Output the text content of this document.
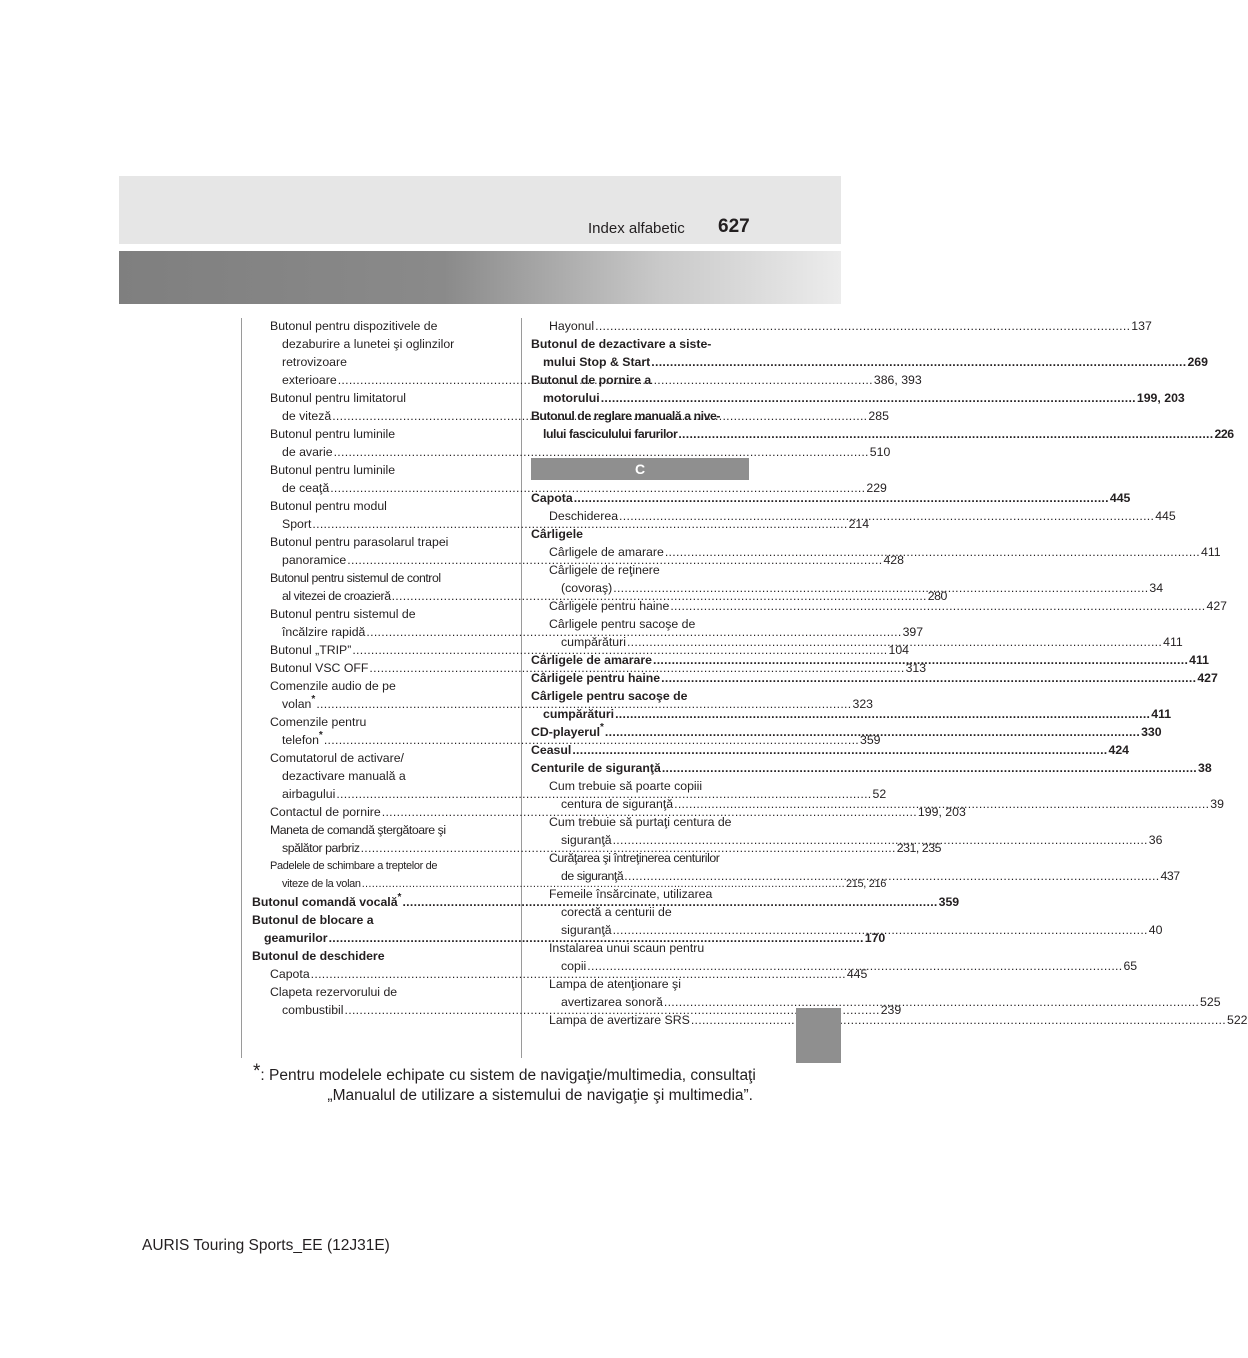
Index alfabetic 627
Butonul pentru dispozitivele de
dezaburire a lunetei şi oglinzilor
retrovizoare
exterioare .....	386, 393
Butonul pentru limitatorul
de viteză .....	285
Butonul pentru luminile
de avarie .....	510
Butonul pentru luminile
de ceaţă .....	229
Butonul pentru modul
Sport .....	214
Butonul pentru parasolarul trapei
panoramice .....	428
Butonul pentru sistemul de control
al vitezei de croazieră .....	280
Butonul pentru sistemul de
încălzire rapidă .....	397
Butonul „TRIP” .....	104
Butonul VSC OFF .....	313
Comenzile audio de pe
volan* .....	323
Comenzile pentru
telefon* .....	359
Comutatorul de activare/
dezactivare manuală a
airbagului .....	52
Contactul de pornire .....	199, 203
Maneta de comandă ştergătoare şi
spălător parbriz .....	231, 235
Padelele de schimbare a treptelor de
viteze de la volan .....	215, 216
Butonul comandă vocală* .....	359
Butonul de blocare a
geamurilor .....	170
Butonul de deschidere
Capota .....	445
Clapeta rezervorului de
combustibil .....	239
Hayonul .....	137
Butonul de dezactivare a siste-
mului Stop & Start .....	269
Butonul de pornire a
motorului .....	199, 203
Butonul de reglare manuală a nive-
lului fasciculului farurilor .....	226
C
Capota .....	445
Deschiderea .....	445
Cârligele
Cârligele de amarare .....	411
Cârligele de reţinere
(covoraş) .....	34
Cârligele pentru haine .....	427
Cârligele pentru sacoşe de
cumpărături .....	411
Cârligele de amarare .....	411
Cârligele pentru haine .....	427
Cârligele pentru sacoşe de
cumpărături .....	411
CD-playerul* .....	330
Ceasul .....	424
Centurile de siguranţă .....	38
Cum trebuie să poarte copiii
centura de siguranţă .....	39
Cum trebuie să purtaţi centura de
siguranţă .....	36
Curăţarea şi întreţinerea centurilor
de siguranţă .....	437
Femeile însărcinate, utilizarea
corectă a centurii de
siguranţă .....	40
Instalarea unui scaun pentru
copii .....	65
Lampa de atenţionare şi
avertizarea sonoră .....	525
Lampa de avertizare SRS .....	522
*: Pentru modelele echipate cu sistem de navigaţie/multimedia, consultaţi
„Manualul de utilizare a sistemului de navigaţie şi multimedia”.
AURIS Touring Sports_EE (12J31E)
